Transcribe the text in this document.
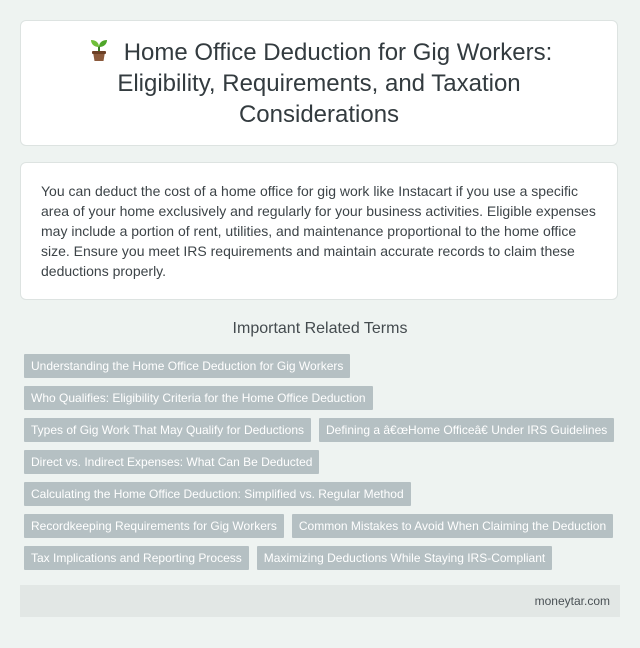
Home Office Deduction for Gig Workers: Eligibility, Requirements, and Taxation Considerations

You can deduct the cost of a home office for gig work like Instacart if you use a specific area of your home exclusively and regularly for your business activities. Eligible expenses may include a portion of rent, utilities, and maintenance proportional to the home office size. Ensure you meet IRS requirements and maintain accurate records to claim these deductions properly.

Important Related Terms
Understanding the Home Office Deduction for Gig Workers
Who Qualifies: Eligibility Criteria for the Home Office Deduction
Types of Gig Work That May Qualify for Deductions	Defining a â€œHome Officeâ€ Under IRS Guidelines
Direct vs. Indirect Expenses: What Can Be Deducted
Calculating the Home Office Deduction: Simplified vs. Regular Method
Recordkeeping Requirements for Gig Workers	Common Mistakes to Avoid When Claiming the Deduction
Tax Implications and Reporting Process	Maximizing Deductions While Staying IRS-Compliant
moneytar.com
